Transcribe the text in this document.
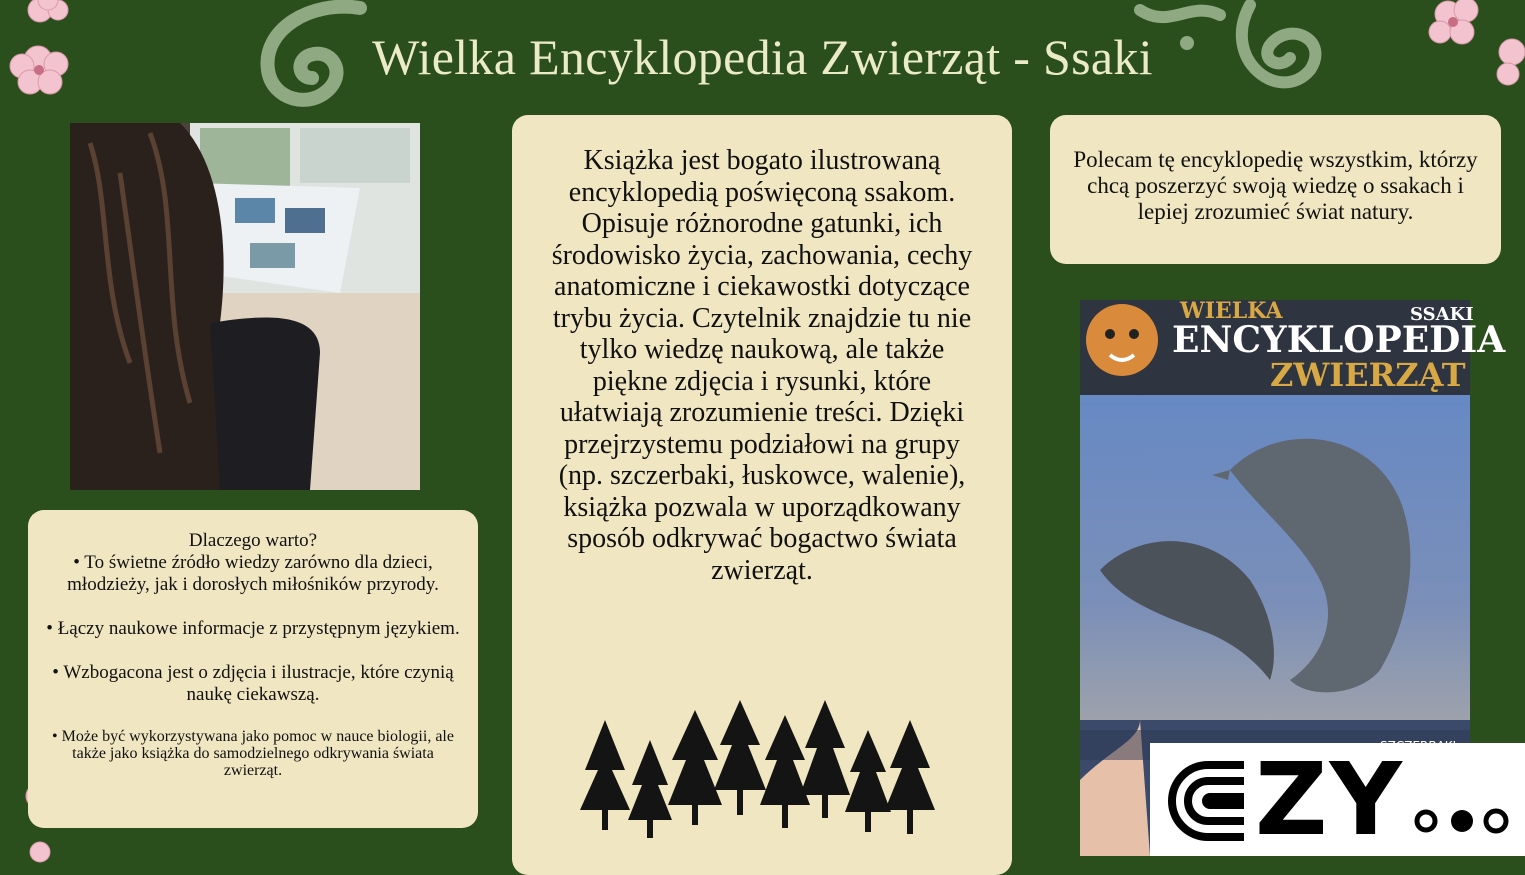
Wielka Encyklopedia Zwierząt - Ssaki

Dlaczego warto?
• To świetne źródło wiedzy zarówno dla dzieci, młodzieży, jak i dorosłych miłośników przyrody.

• Łączy naukowe informacje z przystępnym językiem.

• Wzbogacona jest o zdjęcia i ilustracje, które czynią naukę ciekawszą.

• Może być wykorzystywana jako pomoc w nauce biologii, ale także jako książka do samodzielnego odkrywania świata zwierząt.

Książka jest bogato ilustrowaną encyklopedią poświęconą ssakom. Opisuje różnorodne gatunki, ich środowisko życia, zachowania, cechy anatomiczne i ciekawostki dotyczące trybu życia. Czytelnik znajdzie tu nie tylko wiedzę naukową, ale także piękne zdjęcia i rysunki, które ułatwiają zrozumienie treści. Dzięki przejrzystemu podziałowi na grupy (np. szczerbaki, łuskowce, walenie), książka pozwala w uporządkowany sposób odkrywać bogactwo świata zwierząt.
Polecam tę encyklopedię wszystkim, którzy chcą poszerzyć swoją wiedzę o ssakach i lepiej zrozumieć świat natury.
WIELKA	SSAKI
ENCYKLOPEDIA
ZWIERZĄT
ZY
